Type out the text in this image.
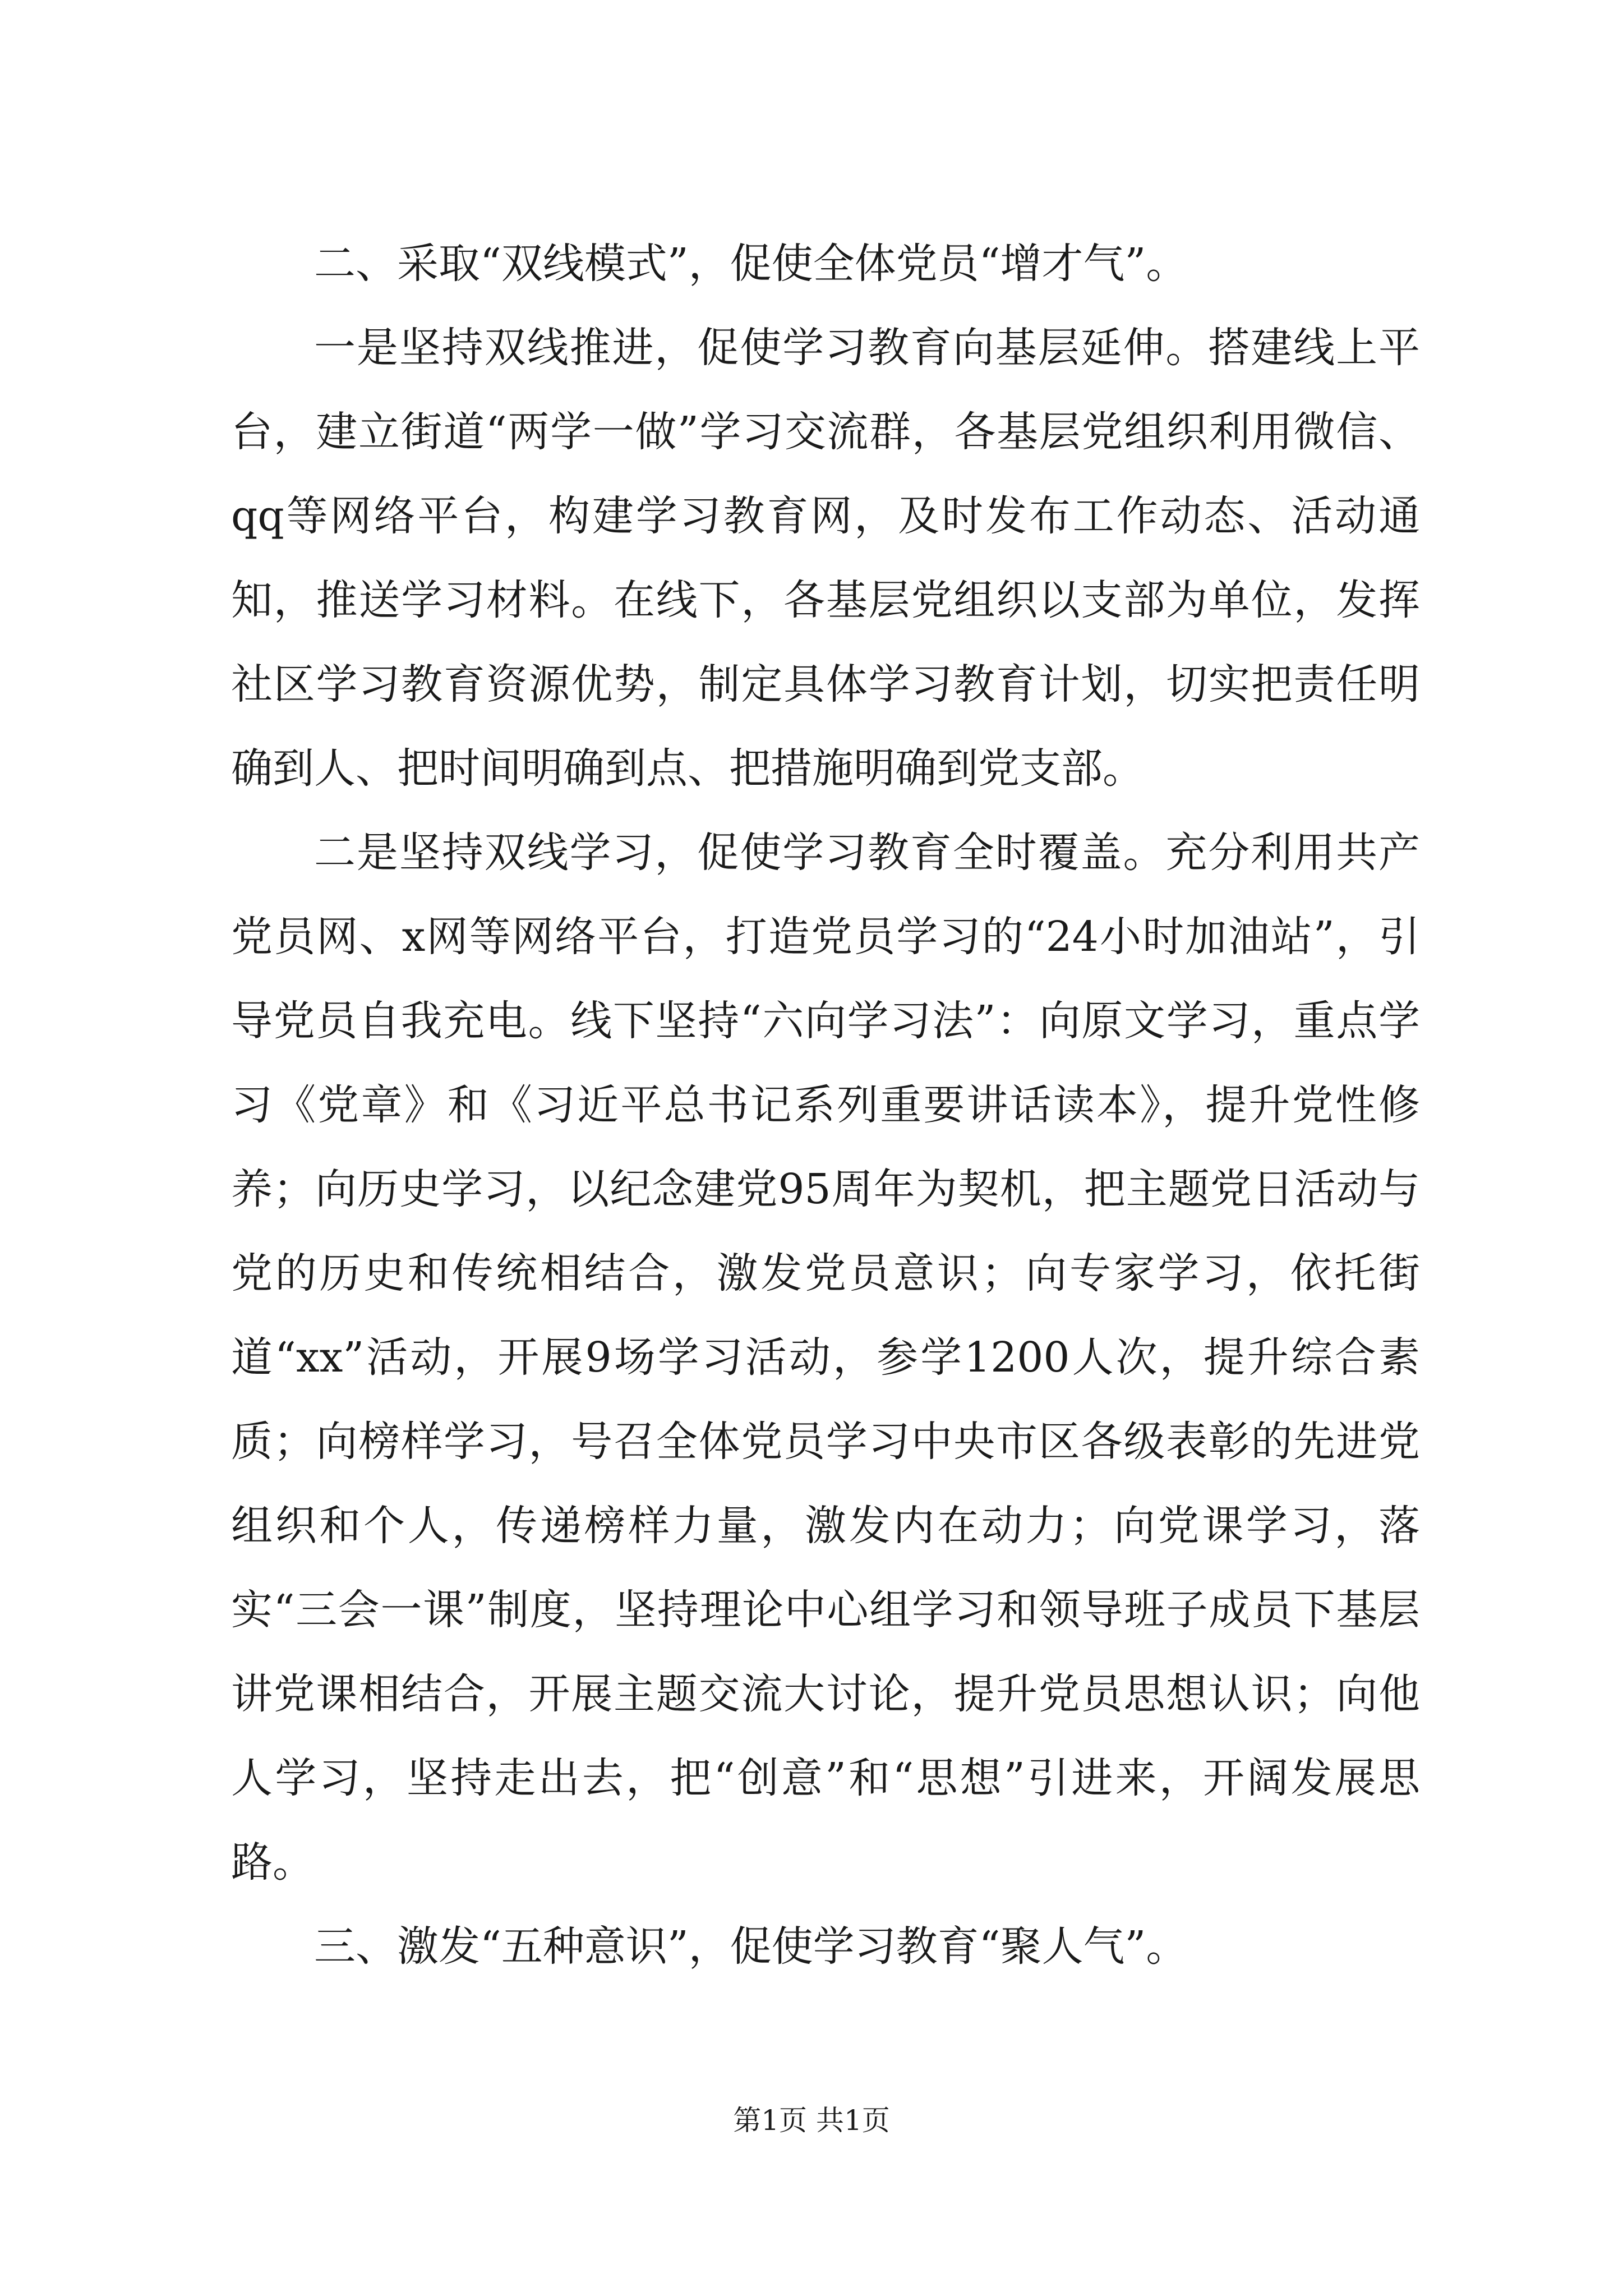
二、采取“双线模式”，促使全体党员“增才气”。

一是坚持双线推进，促使学习教育向基层延伸。搭建线上平台，建立街道“两学一做”学习交流群，各基层党组织利用微信、qq等网络平台，构建学习教育网，及时发布工作动态、活动通知，推送学习材料。在线下，各基层党组织以支部为单位，发挥社区学习教育资源优势，制定具体学习教育计划，切实把责任明确到人、把时间明确到点、把措施明确到党支部。

二是坚持双线学习，促使学习教育全时覆盖。充分利用共产党员网、x网等网络平台，打造党员学习的“24小时加油站”，引导党员自我充电。线下坚持“六向学习法”：向原文学习，重点学习《党章》和《习近平总书记系列重要讲话读本》，提升党性修养；向历史学习，以纪念建党95周年为契机，把主题党日活动与党的历史和传统相结合，激发党员意识；向专家学习，依托街道“xx”活动，开展9场学习活动，参学1200人次，提升综合素质；向榜样学习，号召全体党员学习中央市区各级表彰的先进党组织和个人，传递榜样力量，激发内在动力；向党课学习，落实“三会一课”制度，坚持理论中心组学习和领导班子成员下基层讲党课相结合，开展主题交流大讨论，提升党员思想认识；向他人学习，坚持走出去，把“创意”和“思想”引进来，开阔发展思路。

三、激发“五种意识”，促使学习教育“聚人气”。

第1页 共1页
